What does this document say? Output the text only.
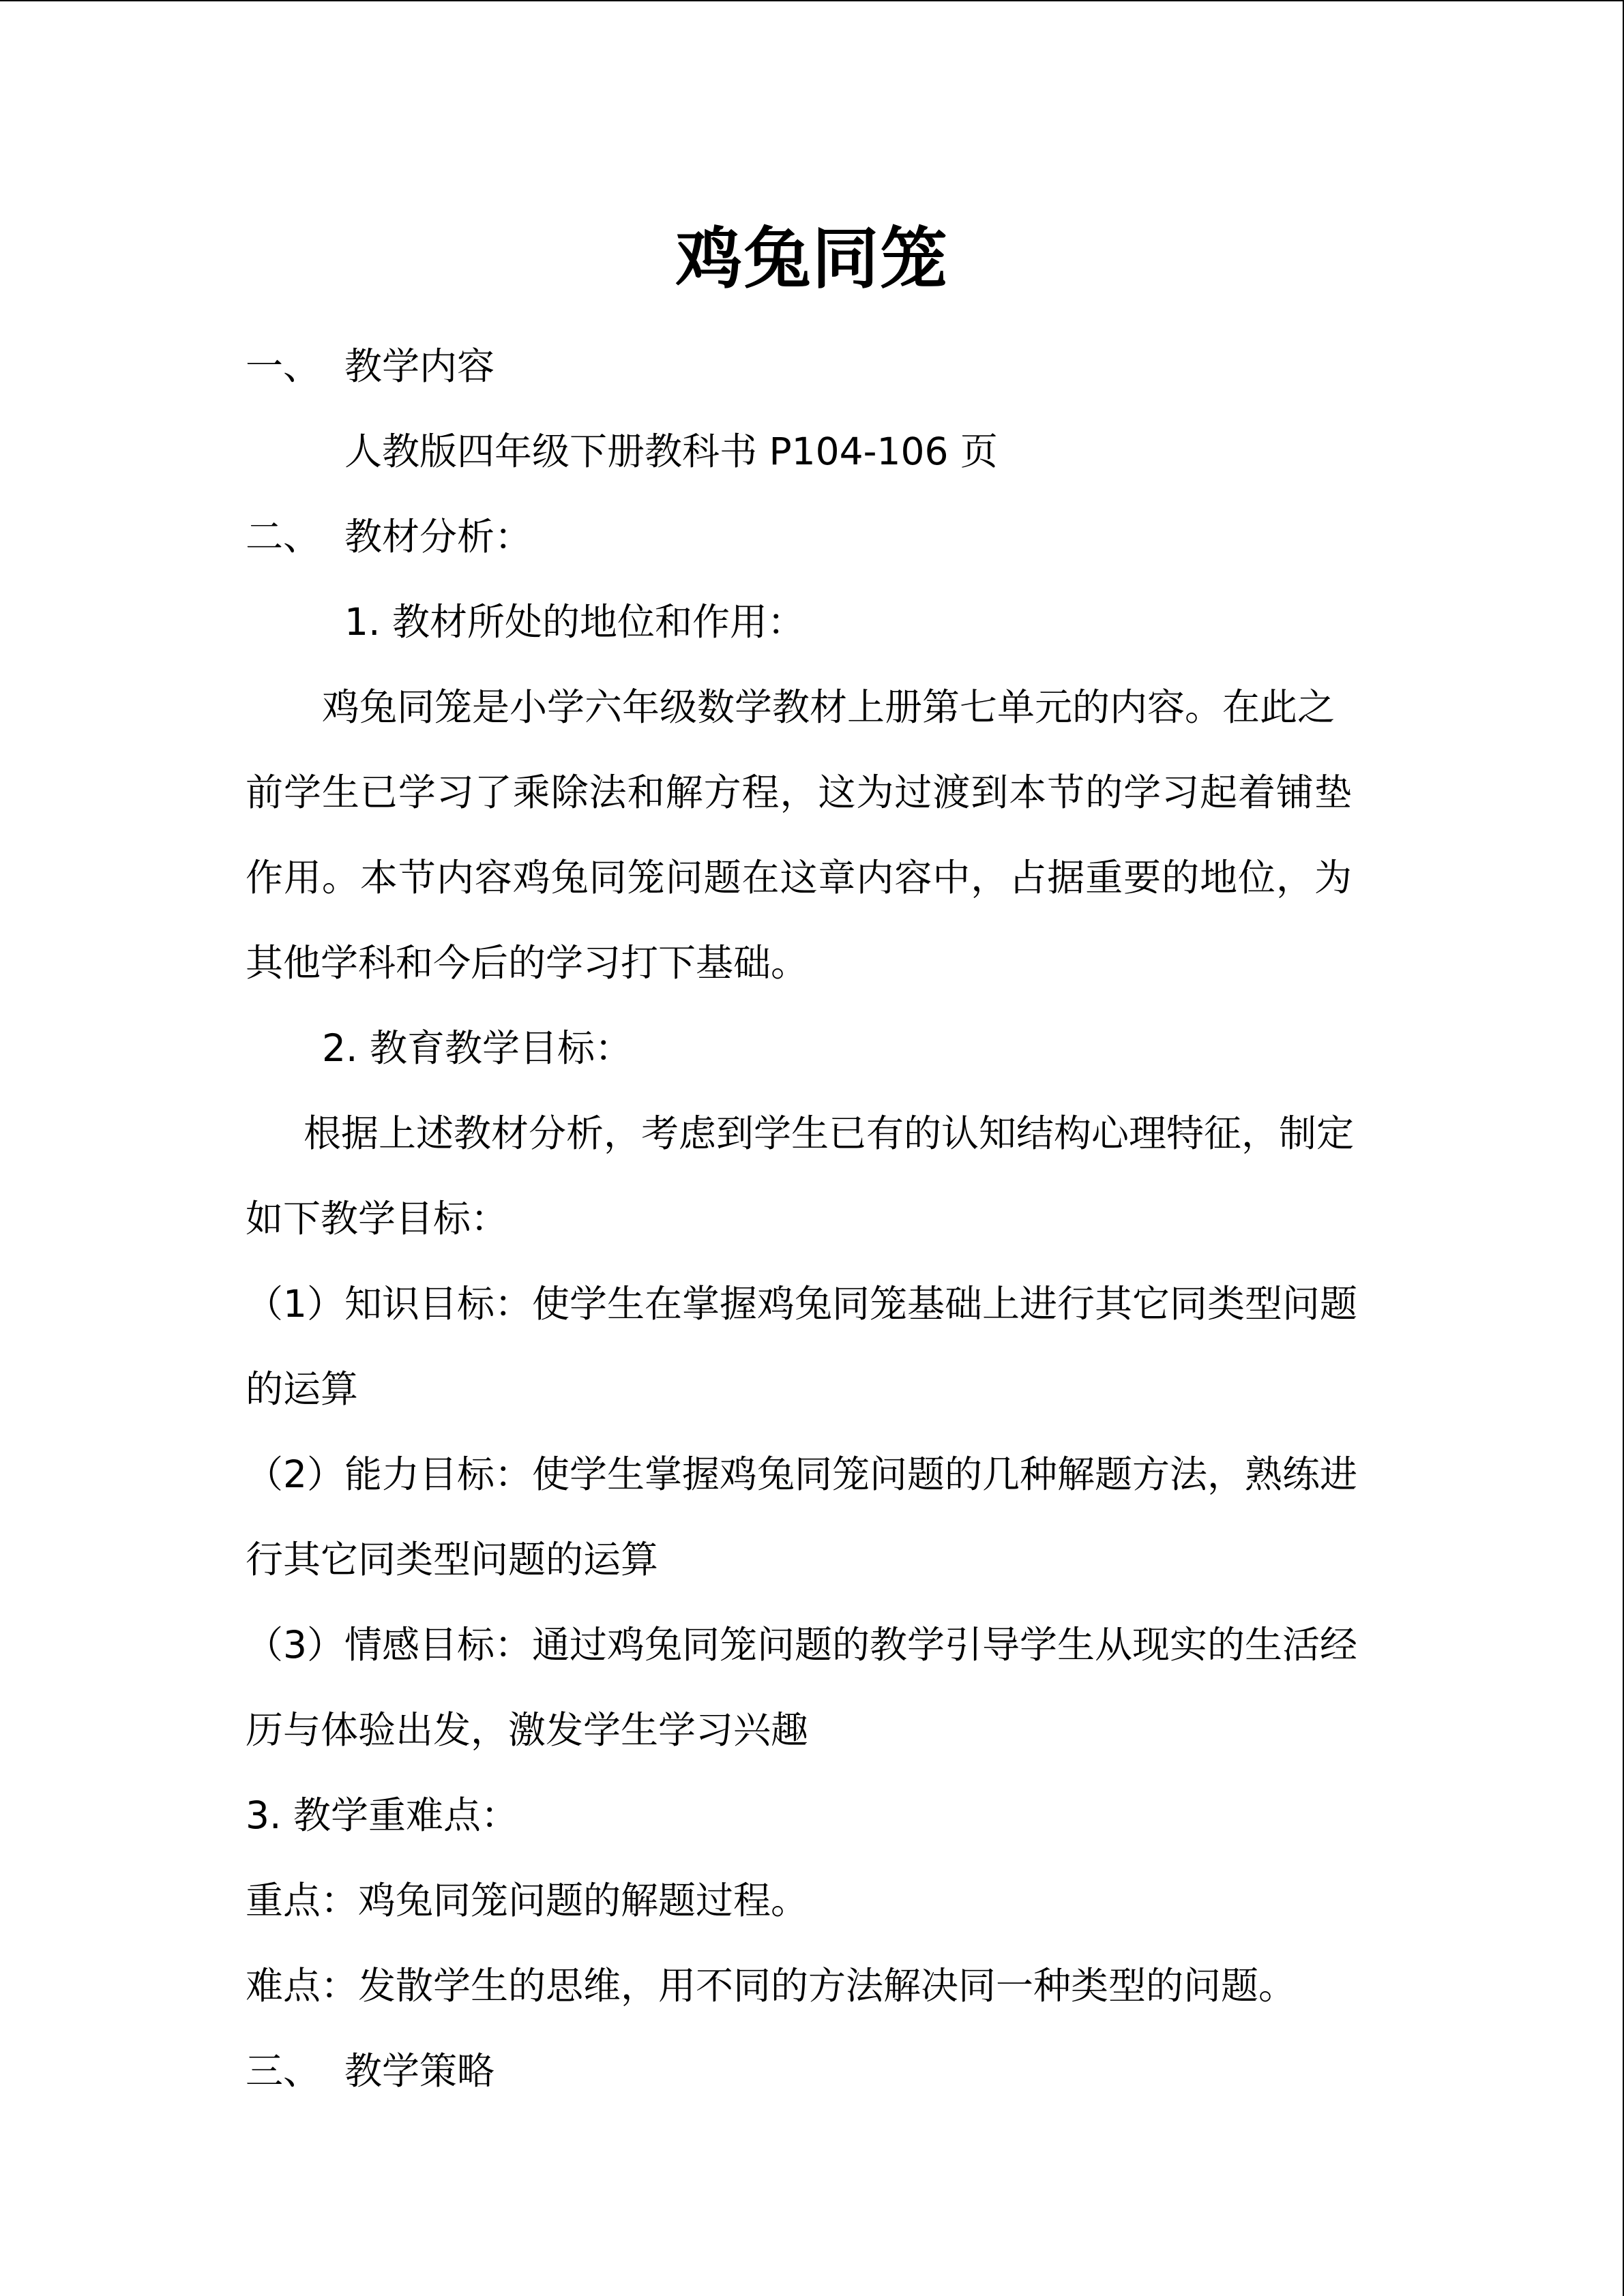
鸡兔同笼
一、 教学内容

人教版四年级下册教科书 P104-106 页

二、 教材分析：

1. 教材所处的地位和作用：

鸡兔同笼是小学六年级数学教材上册第七单元的内容。在此之

前学生已学习了乘除法和解方程，这为过渡到本节的学习起着铺垫

作用。本节内容鸡兔同笼问题在这章内容中，占据重要的地位，为

其他学科和今后的学习打下基础。

2. 教育教学目标：

根据上述教材分析，考虑到学生已有的认知结构心理特征，制定

如下教学目标：

（1）知识目标：使学生在掌握鸡兔同笼基础上进行其它同类型问题

的运算

（2）能力目标：使学生掌握鸡兔同笼问题的几种解题方法，熟练进

行其它同类型问题的运算

（3）情感目标：通过鸡兔同笼问题的教学引导学生从现实的生活经

历与体验出发，激发学生学习兴趣

3. 教学重难点：

重点：鸡兔同笼问题的解题过程。

难点：发散学生的思维，用不同的方法解决同一种类型的问题。

三、 教学策略
